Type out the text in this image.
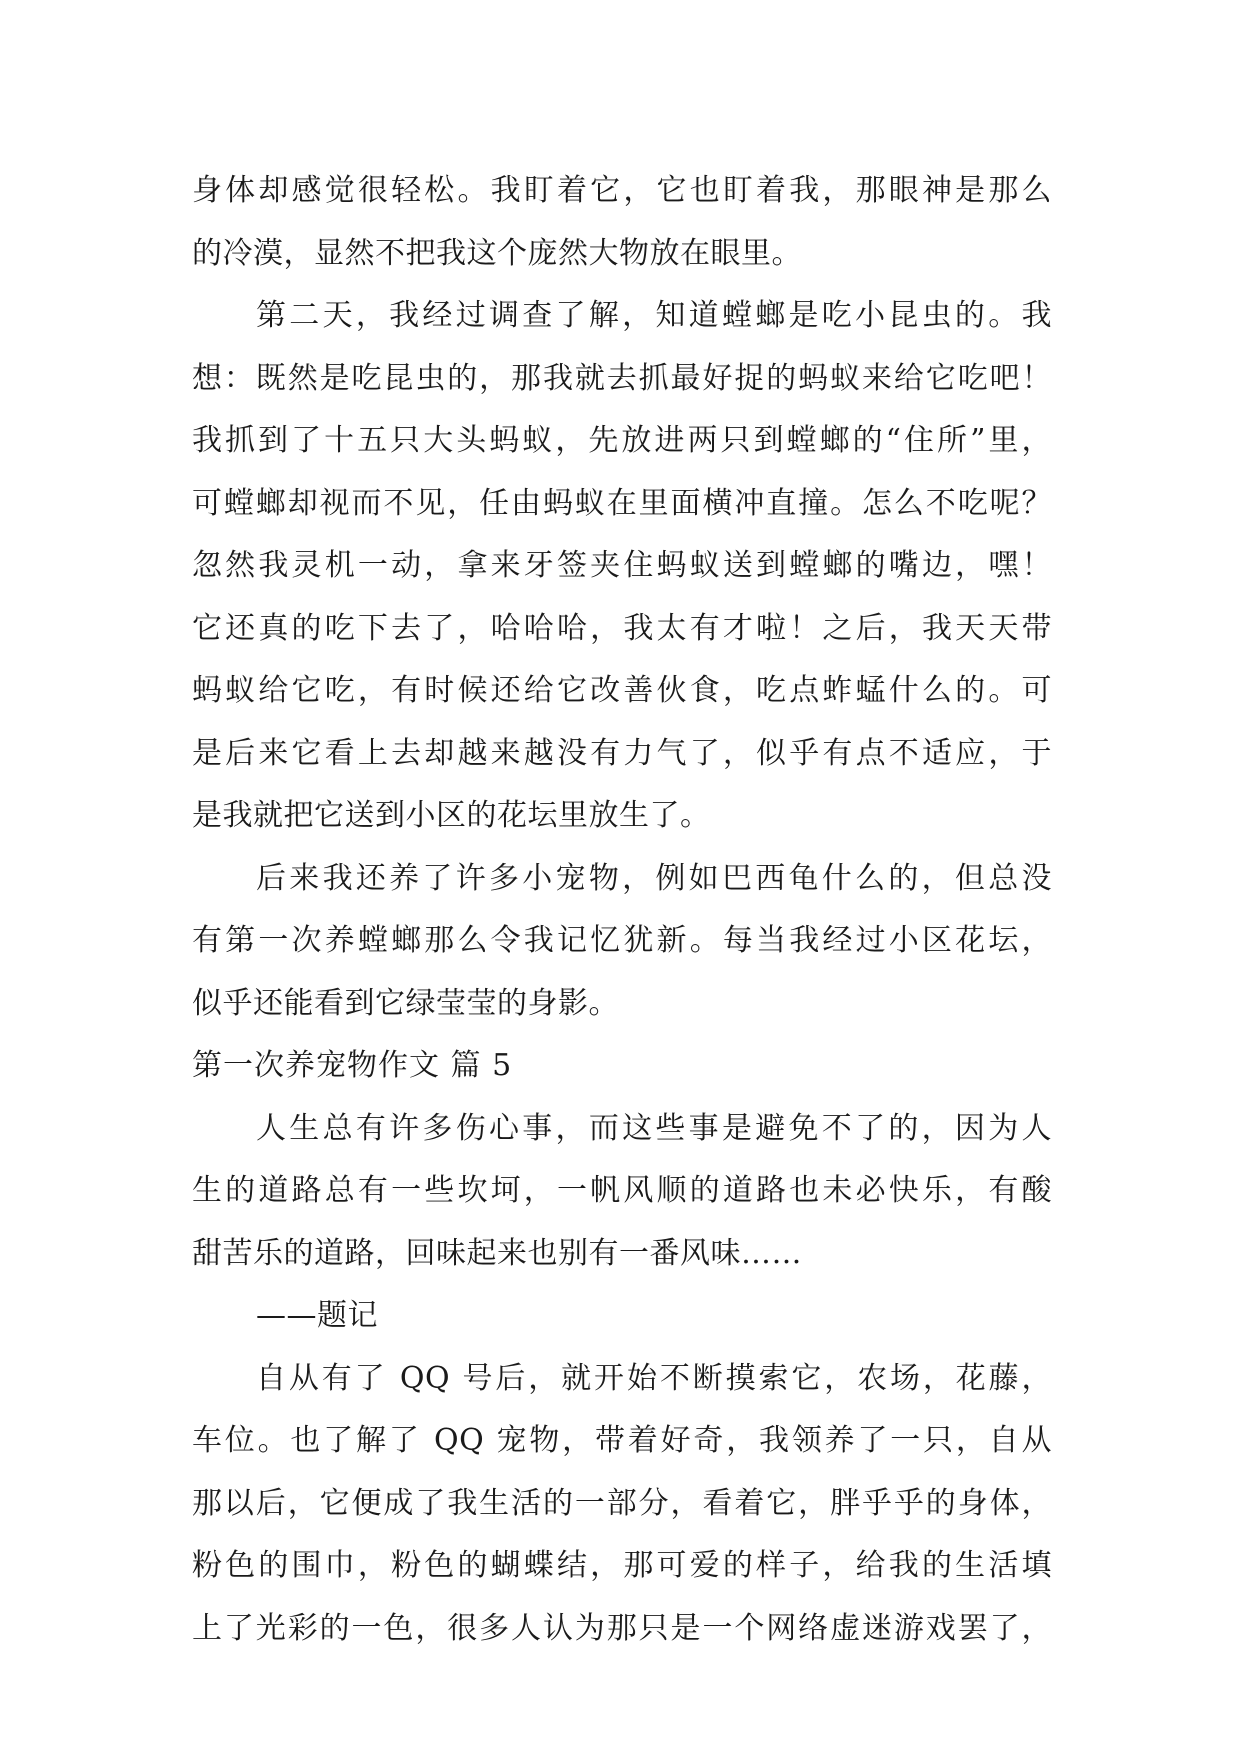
身体却感觉很轻松。我盯着它，它也盯着我，那眼神是那么
的冷漠，显然不把我这个庞然大物放在眼里。
第二天，我经过调查了解，知道螳螂是吃小昆虫的。我
想：既然是吃昆虫的，那我就去抓最好捉的蚂蚁来给它吃吧！
我抓到了十五只大头蚂蚁，先放进两只到螳螂的“住所”里，
可螳螂却视而不见，任由蚂蚁在里面横冲直撞。怎么不吃呢？
忽然我灵机一动，拿来牙签夹住蚂蚁送到螳螂的嘴边，嘿！
它还真的吃下去了，哈哈哈，我太有才啦！之后，我天天带
蚂蚁给它吃，有时候还给它改善伙食，吃点蚱蜢什么的。可
是后来它看上去却越来越没有力气了，似乎有点不适应，于
是我就把它送到小区的花坛里放生了。
后来我还养了许多小宠物，例如巴西龟什么的，但总没
有第一次养螳螂那么令我记忆犹新。每当我经过小区花坛，
似乎还能看到它绿莹莹的身影。
第一次养宠物作文 篇 5
人生总有许多伤心事，而这些事是避免不了的，因为人
生的道路总有一些坎坷，一帆风顺的道路也未必快乐，有酸
甜苦乐的道路，回味起来也别有一番风味……
——题记
自从有了 QQ 号后，就开始不断摸索它，农场，花藤，
车位。也了解了 QQ 宠物，带着好奇，我领养了一只，自从
那以后，它便成了我生活的一部分，看着它，胖乎乎的身体，
粉色的围巾，粉色的蝴蝶结，那可爱的样子，给我的生活填
上了光彩的一色，很多人认为那只是一个网络虚迷游戏罢了，
